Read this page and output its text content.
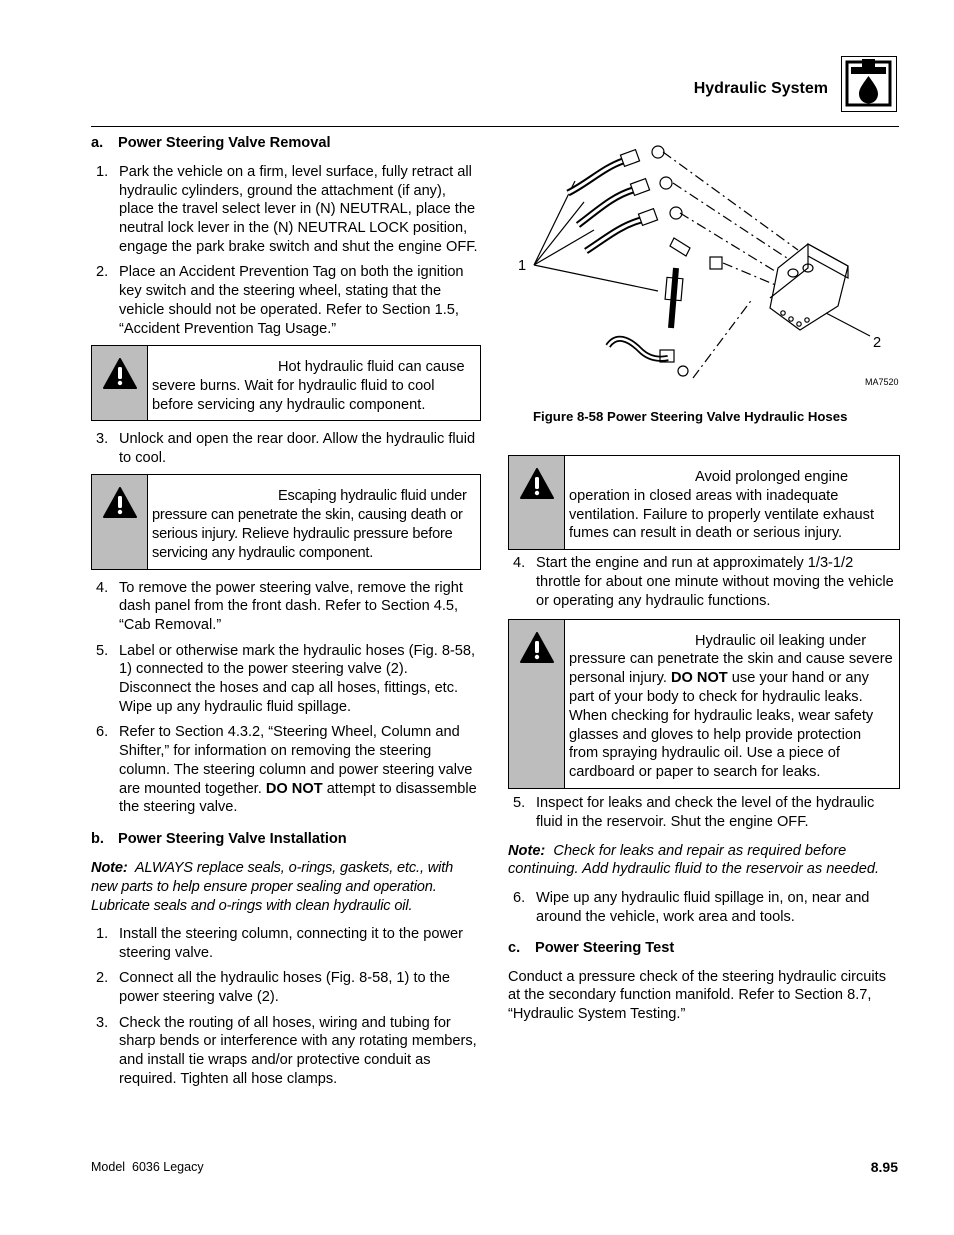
Hydraulic System

a. Power Steering Valve Removal

1. Park the vehicle on a firm, level surface, fully retract all hydraulic cylinders, ground the attachment (if any), place the travel select lever in (N) NEUTRAL, place the neutral lock lever in the (N) NEUTRAL LOCK position, engage the park brake switch and shut the engine OFF.
2. Place an Accident Prevention Tag on both the ignition key switch and the steering wheel, stating that the vehicle should not be operated. Refer to Section 1.5, “Accident Prevention Tag Usage.”
Hot hydraulic fluid can cause severe burns. Wait for hydraulic fluid to cool before servicing any hydraulic component.
3. Unlock and open the rear door. Allow the hydraulic fluid to cool.
Escaping hydraulic fluid under pressure can penetrate the skin, causing death or serious injury. Relieve hydraulic pressure before servicing any hydraulic component.
4. To remove the power steering valve, remove the right dash panel from the front dash. Refer to Section 4.5, “Cab Removal.”
5. Label or otherwise mark the hydraulic hoses (Fig. 8-58, 1) connected to the power steering valve (2). Disconnect the hoses and cap all hoses, fittings, etc. Wipe up any hydraulic fluid spillage.
6. Refer to Section 4.3.2, “Steering Wheel, Column and Shifter,” for information on removing the steering column. The steering column and power steering valve are mounted together. DO NOT attempt to disassemble the steering valve.

b. Power Steering Valve Installation

Note: ALWAYS replace seals, o-rings, gaskets, etc., with new parts to help ensure proper sealing and operation. Lubricate seals and o-rings with clean hydraulic oil.

1. Install the steering column, connecting it to the power steering valve.
2. Connect all the hydraulic hoses (Fig. 8-58, 1) to the power steering valve (2).
3. Check the routing of all hoses, wiring and tubing for sharp bends or interference with any rotating members, and install tie wraps and/or protective conduit as required. Tighten all hose clamps.
1
2
MA7520
Figure 8-58 Power Steering Valve Hydraulic Hoses
Avoid prolonged engine operation in closed areas with inadequate ventilation. Failure to properly ventilate exhaust fumes can result in death or serious injury.
4. Start the engine and run at approximately 1/3-1/2 throttle for about one minute without moving the vehicle or operating any hydraulic functions.
Hydraulic oil leaking under pressure can penetrate the skin and cause severe personal injury. DO NOT use your hand or any part of your body to check for hydraulic leaks. When checking for hydraulic leaks, wear safety glasses and gloves to help provide protection from spraying hydraulic oil. Use a piece of cardboard or paper to search for leaks.
5. Inspect for leaks and check the level of the hydraulic fluid in the reservoir. Shut the engine OFF.

Note: Check for leaks and repair as required before continuing. Add hydraulic fluid to the reservoir as needed.

6. Wipe up any hydraulic fluid spillage in, on, near and around the vehicle, work area and tools.

c. Power Steering Test

Conduct a pressure check of the steering hydraulic circuits at the secondary function manifold. Refer to Section 8.7, “Hydraulic System Testing.”

Model  6036 Legacy	8.95
